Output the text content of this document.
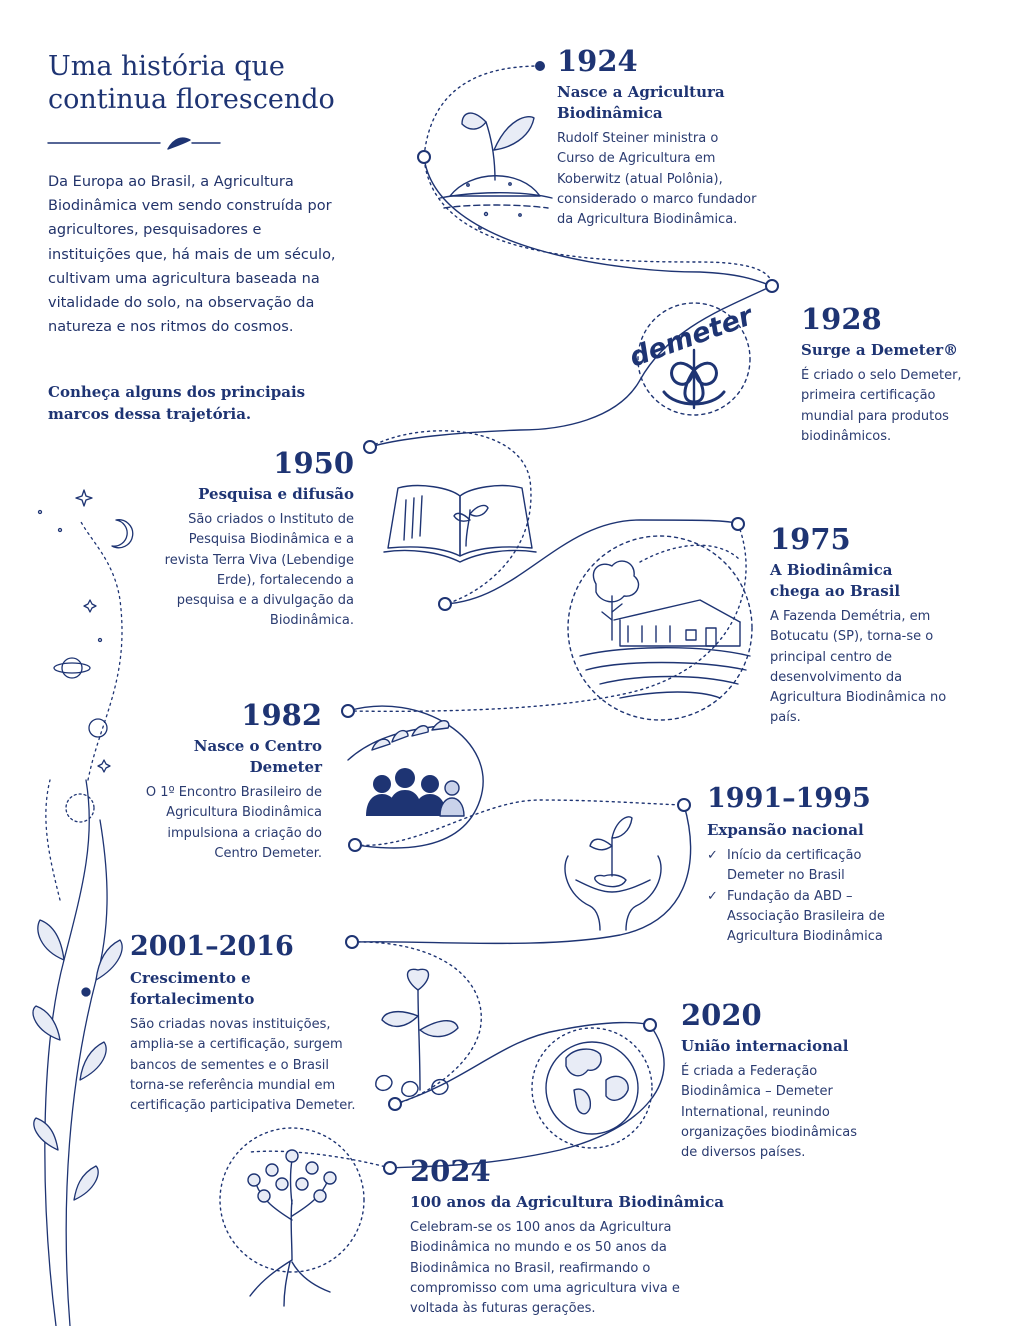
demeter
Uma história que continua florescendo

Da Europa ao Brasil, a Agricultura Biodinâmica vem sendo construída por agricultores, pesquisadores e instituições que, há mais de um século, cultivam uma agricultura baseada na vitalidade do solo, na observação da natureza e nos ritmos do cosmos.

Conheça alguns dos principais marcos dessa trajetória.

1924
Nasce a Agricultura Biodinâmica
Rudolf Steiner ministra o Curso de Agricultura em Koberwitz (atual Polônia), considerado o marco fundador da Agricultura Biodinâmica.
1928
Surge a Demeter®
É criado o selo Demeter, primeira certificação mundial para produtos biodinâmicos.
1950
Pesquisa e difusão
São criados o Instituto de Pesquisa Biodinâmica e a revista Terra Viva (Lebendige Erde), fortalecendo a pesquisa e a divulgação da Biodinâmica.
1975
A Biodinâmica chega ao Brasil
A Fazenda Demétria, em Botucatu (SP), torna-se o principal centro de desenvolvimento da Agricultura Biodinâmica no país.
1982
Nasce o Centro Demeter
O 1º Encontro Brasileiro de Agricultura Biodinâmica impulsiona a criação do Centro Demeter.
1991–1995
Expansão nacional
✓ Início da certificação Demeter no Brasil
✓ Fundação da ABD – Associação Brasileira de Agricultura Biodinâmica
2001–2016
Crescimento e fortalecimento
São criadas novas instituições, amplia-se a certificação, surgem bancos de sementes e o Brasil torna-se referência mundial em certificação participativa Demeter.
2020
União internacional
É criada a Federação Biodinâmica – Demeter International, reunindo organizações biodinâmicas de diversos países.
2024
100 anos da Agricultura Biodinâmica
Celebram-se os 100 anos da Agricultura Biodinâmica no mundo e os 50 anos da Biodinâmica no Brasil, reafirmando o compromisso com uma agricultura viva e voltada às futuras gerações.
